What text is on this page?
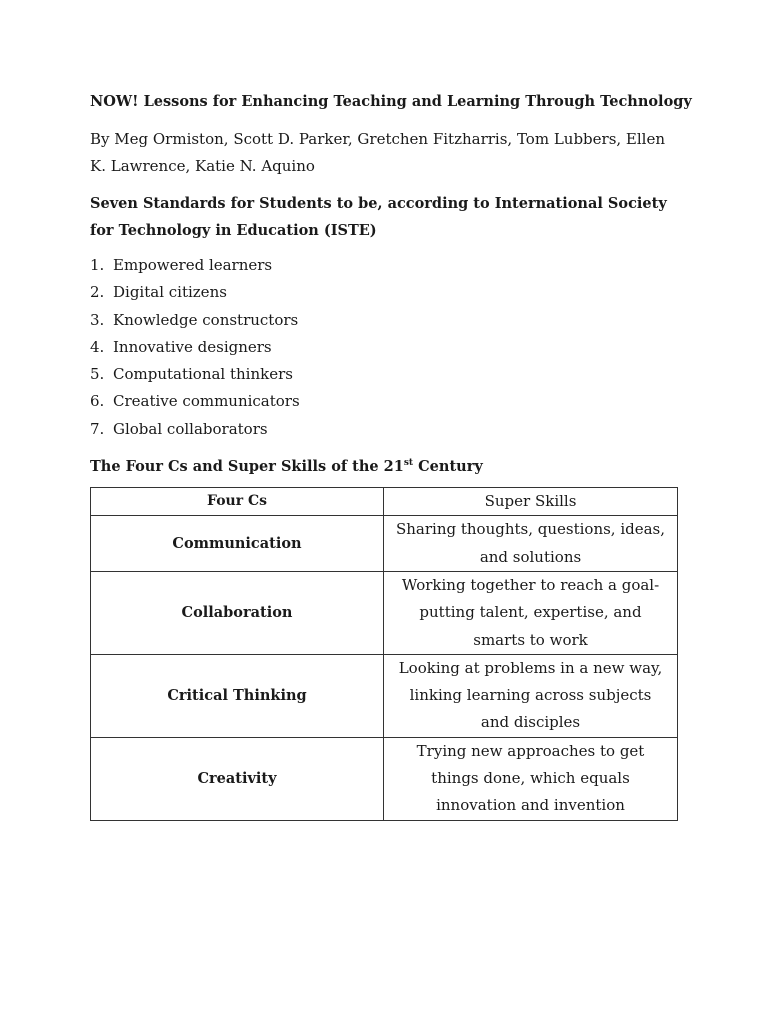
NOW! Lessons for Enhancing Teaching and Learning Through Technology
By Meg Ormiston, Scott D. Parker, Gretchen Fitzharris, Tom Lubbers, Ellen K. Lawrence, Katie N. Aquino
Seven Standards for Students to be, according to International Society for Technology in Education (ISTE)
1. Empowered learners
2. Digital citizens
3. Knowledge constructors
4. Innovative designers
5. Computational thinkers
6. Creative communicators
7. Global collaborators
The Four Cs and Super Skills of the 21st Century
Four Cs	Super Skills
Communication	Sharing thoughts, questions, ideas, and solutions
Collaboration	Working together to reach a goal- putting talent, expertise, and smarts to work
Critical Thinking	Looking at problems in a new way, linking learning across subjects and disciples
Creativity	Trying new approaches to get things done, which equals innovation and invention
